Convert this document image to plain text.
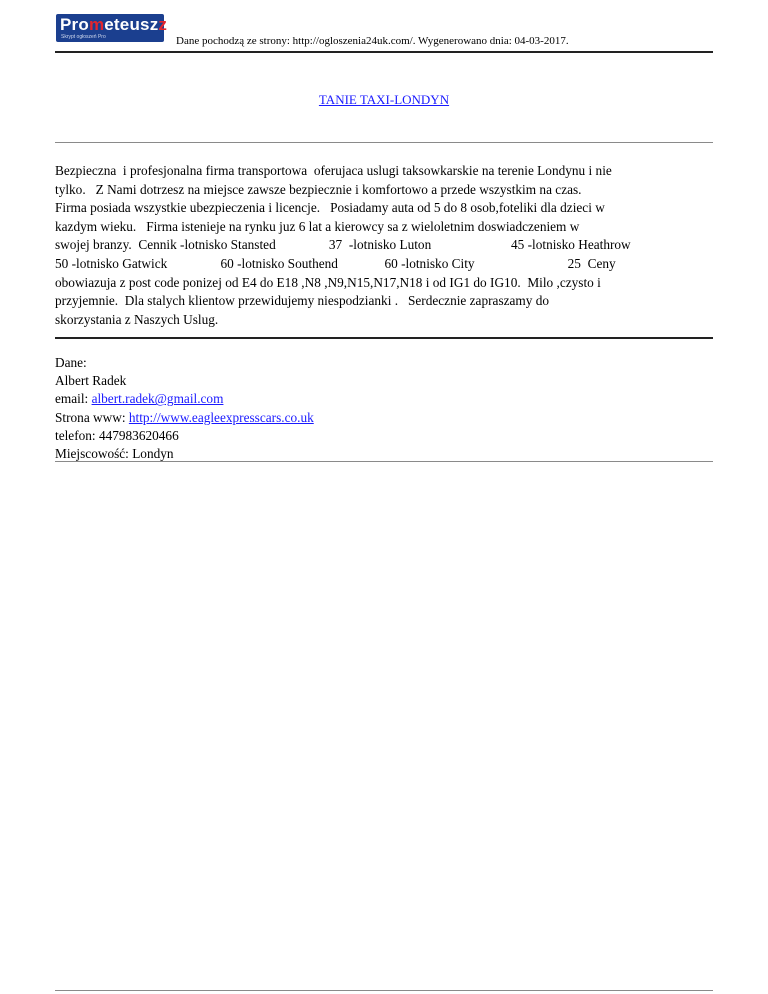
Prometeuszz
Skrypt ogłoszeń Pro	Dane pochodzą ze strony: http://ogloszenia24uk.com/. Wygenerowano dnia: 04-03-2017.
TANIE TAXI-LONDYN
Bezpieczna  i profesjonalna firma transportowa  oferujaca uslugi taksowkarskie na terenie Londynu i nie
tylko.   Z Nami dotrzesz na miejsce zawsze bezpiecznie i komfortowo a przede wszystkim na czas.
Firma posiada wszystkie ubezpieczenia i licencje.   Posiadamy auta od 5 do 8 osob,foteliki dla dzieci w
kazdym wieku.   Firma istenieje na rynku juz 6 lat a kierowcy sa z wieloletnim doswiadczeniem w
swojej branzy.  Cennik -lotnisko Stansted                37  -lotnisko Luton                        45 -lotnisko Heathrow
50 -lotnisko Gatwick                60 -lotnisko Southend              60 -lotnisko City                            25  Ceny
obowiazuja z post code ponizej od E4 do E18 ,N8 ,N9,N15,N17,N18 i od IG1 do IG10.  Milo ,czysto i
przyjemnie.  Dla stalych klientow przewidujemy niespodzianki .   Serdecznie zapraszamy do
skorzystania z Naszych Uslug.
Dane:
Albert Radek
email: albert.radek@gmail.com
Strona www: http://www.eagleexpresscars.co.uk
telefon: 447983620466
Miejscowość: Londyn
